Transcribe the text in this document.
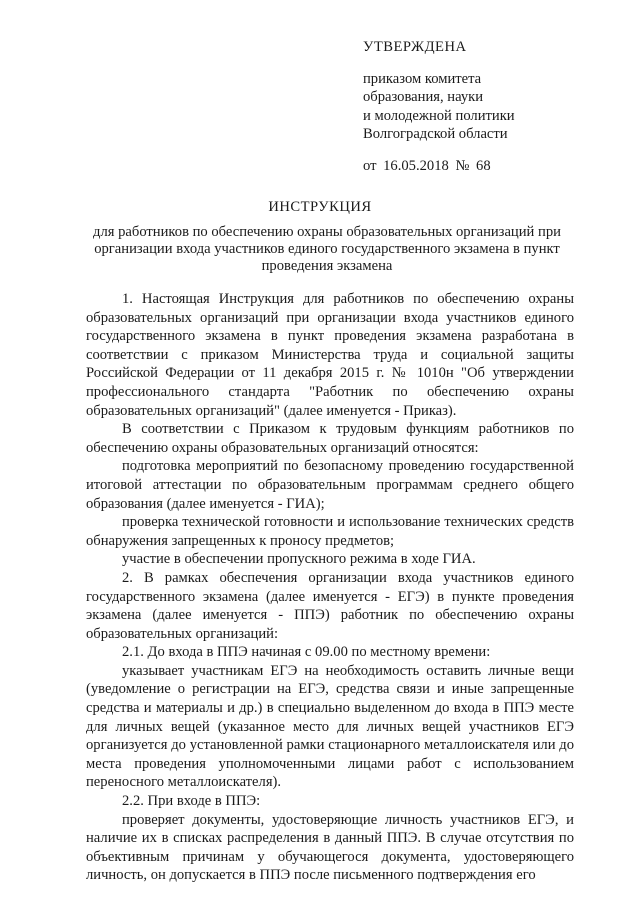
УТВЕРЖДЕНА
приказом комитета
образования, науки
и молодежной политики
Волгоградской области
от 16.05.2018 № 68
ИНСТРУКЦИЯ
для работников по обеспечению охраны образовательных организаций при организации входа участников единого государственного экзамена в пункт проведения экзамена

1. Настоящая Инструкция для работников по обеспечению охраны образовательных организаций при организации входа участников единого государственного экзамена в пункт проведения экзамена разработана в соответствии с приказом Министерства труда и социальной защиты Российской Федерации от 11 декабря 2015 г. № 1010н "Об утверждении профессионального стандарта "Работник по обеспечению охраны образовательных организаций" (далее именуется - Приказ).

В соответствии с Приказом к трудовым функциям работников по обеспечению охраны образовательных организаций относятся:

подготовка мероприятий по безопасному проведению государственной итоговой аттестации по образовательным программам среднего общего образования (далее именуется - ГИА);

проверка технической готовности и использование технических средств обнаружения запрещенных к проносу предметов;

участие в обеспечении пропускного режима в ходе ГИА.

2. В рамках обеспечения организации входа участников единого государственного экзамена (далее именуется - ЕГЭ) в пункте проведения экзамена (далее именуется - ППЭ) работник по обеспечению охраны образовательных организаций:

2.1. До входа в ППЭ начиная с 09.00 по местному времени:

указывает участникам ЕГЭ на необходимость оставить личные вещи (уведомление о регистрации на ЕГЭ, средства связи и иные запрещенные средства и материалы и др.) в специально выделенном до входа в ППЭ месте для личных вещей (указанное место для личных вещей участников ЕГЭ организуется до установленной рамки стационарного металлоискателя или до места проведения уполномоченными лицами работ с использованием переносного металлоискателя).

2.2. При входе в ППЭ:

проверяет документы, удостоверяющие личность участников ЕГЭ, и наличие их в списках распределения в данный ППЭ. В случае отсутствия по объективным причинам у обучающегося документа, удостоверяющего личность, он допускается в ППЭ после письменного подтверждения его
